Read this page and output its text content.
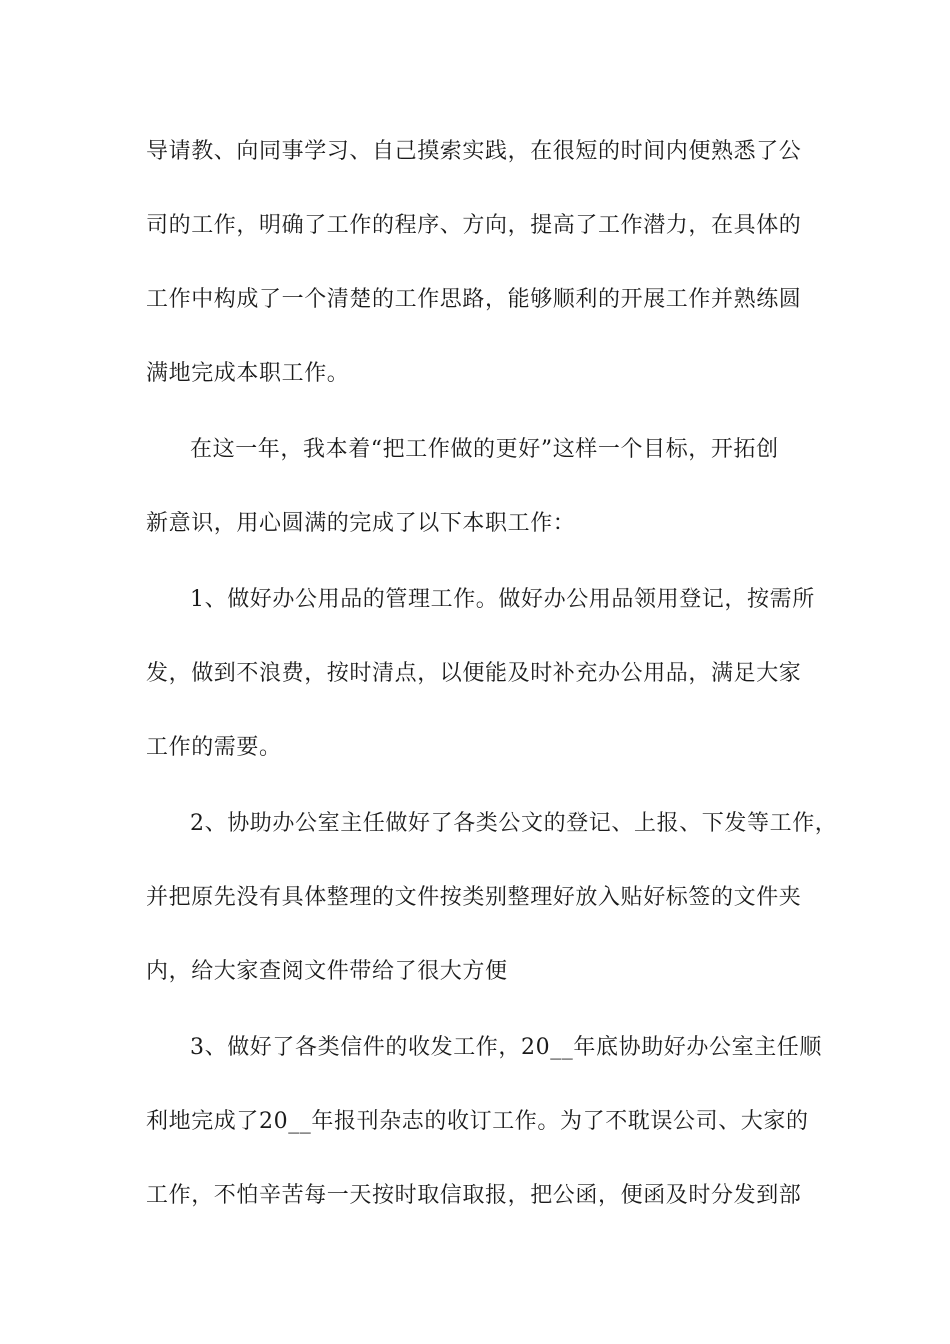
导请教、向同事学习、自己摸索实践，在很短的时间内便熟悉了公
司的工作，明确了工作的程序、方向，提高了工作潜力，在具体的
工作中构成了一个清楚的工作思路，能够顺利的开展工作并熟练圆
满地完成本职工作。
在这一年，我本着“把工作做的更好”这样一个目标，开拓创
新意识，用心圆满的完成了以下本职工作：
1、做好办公用品的管理工作。做好办公用品领用登记，按需所
发，做到不浪费，按时清点，以便能及时补充办公用品，满足大家
工作的需要。
2、协助办公室主任做好了各类公文的登记、上报、下发等工作，
并把原先没有具体整理的文件按类别整理好放入贴好标签的文件夹
内，给大家查阅文件带给了很大方便
3、做好了各类信件的收发工作，20__年底协助好办公室主任顺
利地完成了20__年报刊杂志的收订工作。为了不耽误公司、大家的
工作，不怕辛苦每一天按时取信取报，把公函，便函及时分发到部
